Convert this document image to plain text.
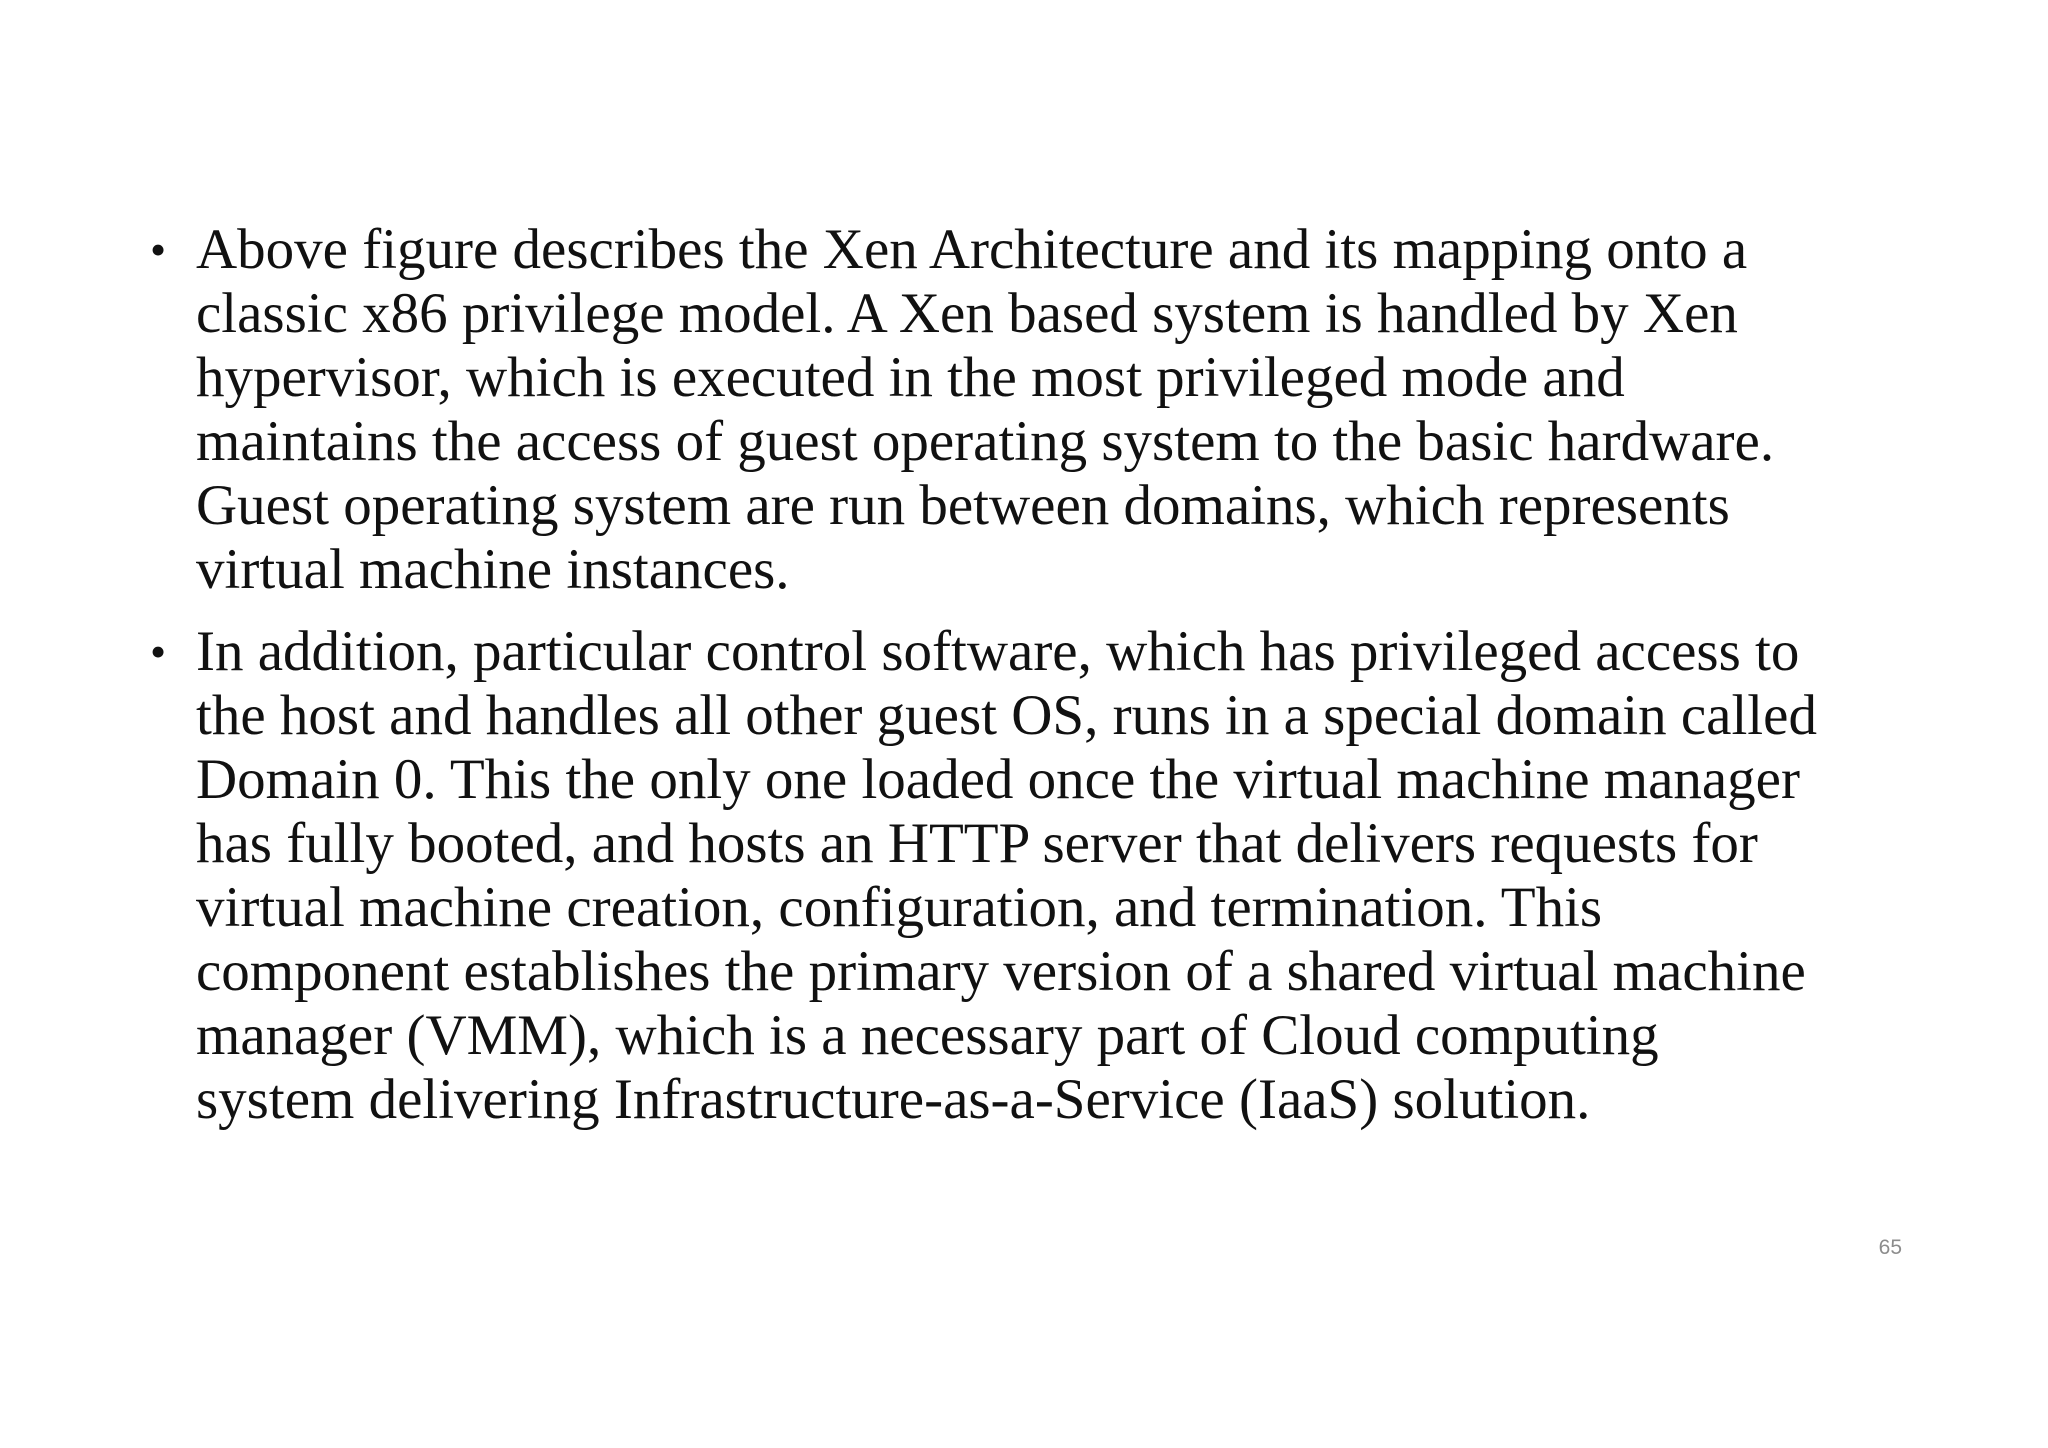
• Above figure describes the Xen Architecture and its mapping onto a
classic x86 privilege model. A Xen based system is handled by Xen
hypervisor, which is executed in the most privileged mode and
maintains the access of guest operating system to the basic hardware.
Guest operating system are run between domains, which represents
virtual machine instances.
• In addition, particular control software, which has privileged access to
the host and handles all other guest OS, runs in a special domain called
Domain 0. This the only one loaded once the virtual machine manager
has fully booted, and hosts an HTTP server that delivers requests for
virtual machine creation, configuration, and termination. This
component establishes the primary version of a shared virtual machine
manager (VMM), which is a necessary part of Cloud computing
system delivering Infrastructure-as-a-Service (IaaS) solution.
65
